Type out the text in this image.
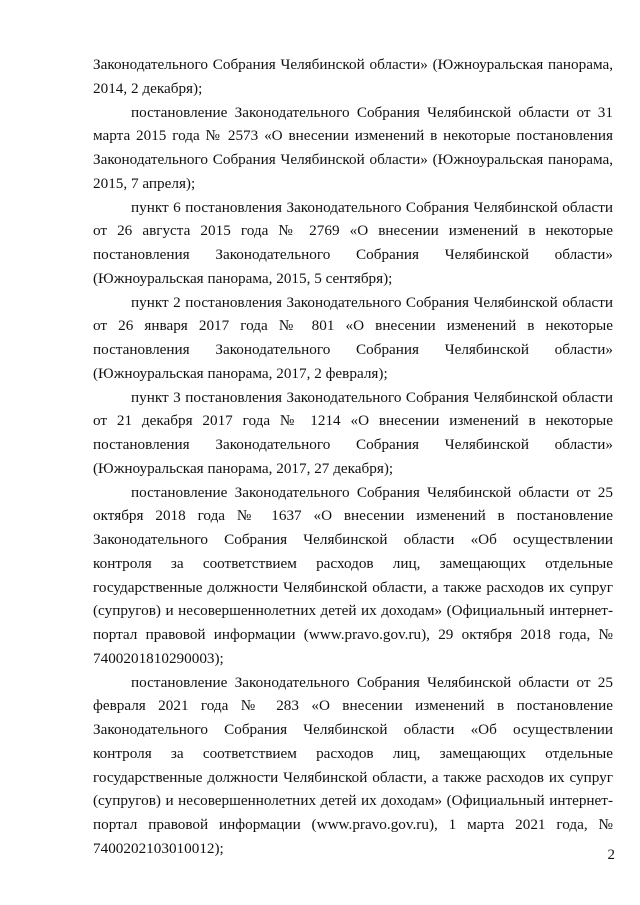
Законодательного Собрания Челябинской области» (Южноуральская панорама, 2014, 2 декабря);

постановление Законодательного Собрания Челябинской области от 31 марта 2015 года № 2573 «О внесении изменений в некоторые постановления Законодательного Собрания Челябинской области» (Южноуральская панорама, 2015, 7 апреля);

пункт 6 постановления Законодательного Собрания Челябинской области от 26 августа 2015 года № 2769 «О внесении изменений в некоторые постановления Законодательного Собрания Челябинской области» (Южноуральская панорама, 2015, 5 сентября);

пункт 2 постановления Законодательного Собрания Челябинской области от 26 января 2017 года № 801 «О внесении изменений в некоторые постановления Законодательного Собрания Челябинской области» (Южноуральская панорама, 2017, 2 февраля);

пункт 3 постановления Законодательного Собрания Челябинской области от 21 декабря 2017 года № 1214 «О внесении изменений в некоторые постановления Законодательного Собрания Челябинской области» (Южноуральская панорама, 2017, 27 декабря);

постановление Законодательного Собрания Челябинской области от 25 октября 2018 года № 1637 «О внесении изменений в постановление Законодательного Собрания Челябинской области «Об осуществлении контроля за соответствием расходов лиц, замещающих отдельные государственные должности Челябинской области, а также расходов их супруг (супругов) и несовершеннолетних детей их доходам» (Официальный интернет-портал правовой информации (www.pravo.gov.ru), 29 октября 2018 года, № 7400201810290003);

постановление Законодательного Собрания Челябинской области от 25 февраля 2021 года № 283 «О внесении изменений в постановление Законодательного Собрания Челябинской области «Об осуществлении контроля за соответствием расходов лиц, замещающих отдельные государственные должности Челябинской области, а также расходов их супруг (супругов) и несовершеннолетних детей их доходам» (Официальный интернет-портал правовой информации (www.pravo.gov.ru), 1 марта 2021 года, № 7400202103010012);	2
